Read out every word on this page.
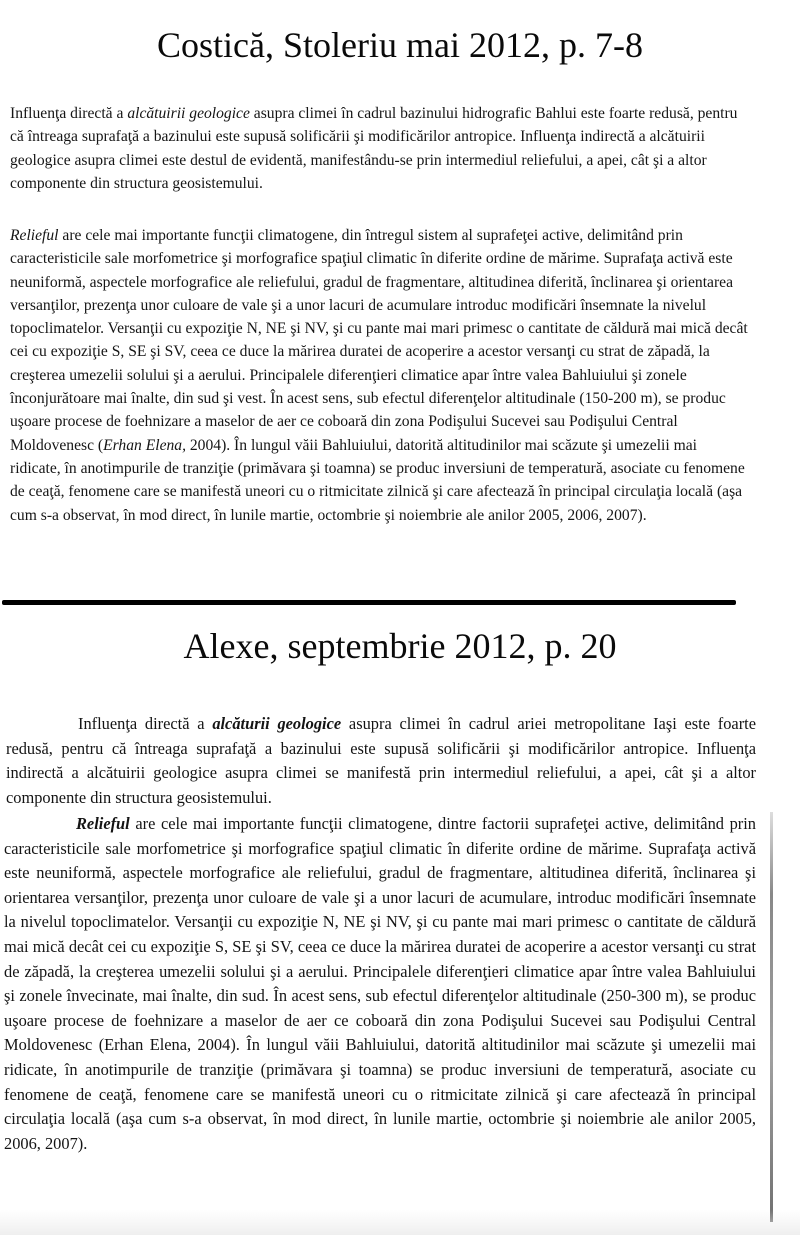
Costică, Stoleriu mai 2012, p. 7-8

Influenţa directă a alcătuirii geologice asupra climei în cadrul bazinului hidrografic Bahlui este foarte redusă, pentru că întreaga suprafaţă a bazinului este supusă solificării şi modificărilor antropice. Influenţa indirectă a alcătuirii geologice asupra climei este destul de evidentă, manifestându-se prin intermediul reliefului, a apei, cât şi a altor componente din structura geosistemului.

Relieful are cele mai importante funcţii climatogene, din întregul sistem al suprafeţei active, delimitând prin caracteristicile sale morfometrice şi morfografice spaţiul climatic în diferite ordine de mărime. Suprafaţa activă este neuniformă, aspectele morfografice ale reliefului, gradul de fragmentare, altitudinea diferită, înclinarea şi orientarea versanţilor, prezenţa unor culoare de vale şi a unor lacuri de acumulare introduc modificări însemnate la nivelul topoclimatelor. Versanţii cu expoziţie N, NE şi NV, şi cu pante mai mari primesc o cantitate de căldură mai mică decât cei cu expoziţie S, SE şi SV, ceea ce duce la mărirea duratei de acoperire a acestor versanţi cu strat de zăpadă, la creşterea umezelii solului şi a aerului. Principalele diferenţieri climatice apar între valea Bahluiului şi zonele înconjurătoare mai înalte, din sud şi vest. În acest sens, sub efectul diferenţelor altitudinale (150-200 m), se produc uşoare procese de foehnizare a maselor de aer ce coboară din zona Podişului Sucevei sau Podişului Central Moldovenesc (Erhan Elena, 2004). În lungul văii Bahluiului, datorită altitudinilor mai scăzute şi umezelii mai ridicate, în anotimpurile de tranziţie (primăvara şi toamna) se produc inversiuni de temperatură, asociate cu fenomene de ceaţă, fenomene care se manifestă uneori cu o ritmicitate zilnică şi care afectează în principal circulaţia locală (aşa cum s-a observat, în mod direct, în lunile martie, octombrie şi noiembrie ale anilor 2005, 2006, 2007).

Alexe, septembrie 2012, p. 20

Influenţa directă a alcăturii geologice asupra climei în cadrul ariei metropolitane Iaşi este foarte redusă, pentru că întreaga suprafaţă a bazinului este supusă solificării şi modificărilor antropice. Influenţa indirectă a alcătuirii geologice asupra climei se manifestă prin intermediul reliefului, a apei, cât şi a altor componente din structura geosistemului.

Relieful are cele mai importante funcţii climatogene, dintre factorii suprafeţei active, delimitând prin caracteristicile sale morfometrice şi morfografice spaţiul climatic în diferite ordine de mărime. Suprafaţa activă este neuniformă, aspectele morfografice ale reliefului, gradul de fragmentare, altitudinea diferită, înclinarea şi orientarea versanţilor, prezenţa unor culoare de vale şi a unor lacuri de acumulare, introduc modificări însemnate la nivelul topoclimatelor. Versanţii cu expoziţie N, NE şi NV, şi cu pante mai mari primesc o cantitate de căldură mai mică decât cei cu expoziţie S, SE şi SV, ceea ce duce la mărirea duratei de acoperire a acestor versanţi cu strat de zăpadă, la creşterea umezelii solului şi a aerului. Principalele diferenţieri climatice apar între valea Bahluiului şi zonele învecinate, mai înalte, din sud. În acest sens, sub efectul diferenţelor altitudinale (250-300 m), se produc uşoare procese de foehnizare a maselor de aer ce coboară din zona Podişului Sucevei sau Podişului Central Moldovenesc (Erhan Elena, 2004). În lungul văii Bahluiului, datorită altitudinilor mai scăzute şi umezelii mai ridicate, în anotimpurile de tranziţie (primăvara şi toamna) se produc inversiuni de temperatură, asociate cu fenomene de ceaţă, fenomene care se manifestă uneori cu o ritmicitate zilnică şi care afectează în principal circulaţia locală (aşa cum s-a observat, în mod direct, în lunile martie, octombrie şi noiembrie ale anilor 2005, 2006, 2007).
